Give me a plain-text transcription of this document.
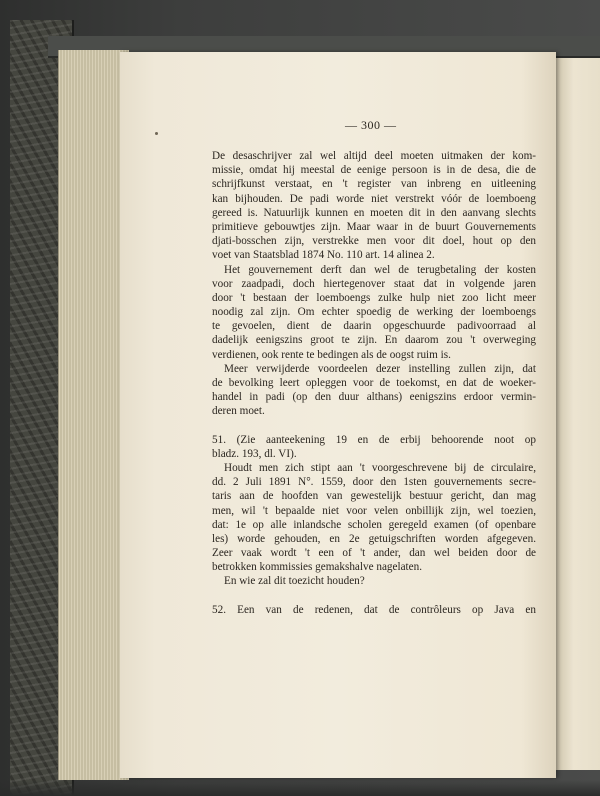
— 300 —
De desaschrijver zal wel altijd deel moeten uitmaken der kom-
missie, omdat hij meestal de eenige persoon is in de desa, die de
schrijfkunst verstaat, en 't register van inbreng en uitleening
kan bijhouden. De padi worde niet verstrekt vóór de loemboeng
gereed is. Natuurlijk kunnen en moeten dit in den aanvang slechts
primitieve gebouwtjes zijn. Maar waar in de buurt Gouvernements
djati-bosschen zijn, verstrekke men voor dit doel, hout op den
voet van Staatsblad 1874 No. 110 art. 14 alinea 2.
Het gouvernement derft dan wel de terugbetaling der kosten
voor zaadpadi, doch hiertegenover staat dat in volgende jaren
door 't bestaan der loemboengs zulke hulp niet zoo licht meer
noodig zal zijn. Om echter spoedig de werking der loemboengs
te gevoelen, dient de daarin opgeschuurde padivoorraad al
dadelijk eenigszins groot te zijn. En daarom zou 't overweging
verdienen, ook rente te bedingen als de oogst ruim is.
Meer verwijderde voordeelen dezer instelling zullen zijn, dat
de bevolking leert opleggen voor de toekomst, en dat de woeker-
handel in padi (op den duur althans) eenigszins erdoor vermin-
deren moet.
51. (Zie aanteekening 19 en de erbij behoorende noot op
bladz. 193, dl. VI).
Houdt men zich stipt aan 't voorgeschrevene bij de circulaire,
dd. 2 Juli 1891 N°. 1559, door den 1sten gouvernements secre-
taris aan de hoofden van gewestelijk bestuur gericht, dan mag
men, wil 't bepaalde niet voor velen onbillijk zijn, wel toezien,
dat: 1e op alle inlandsche scholen geregeld examen (of openbare
les) worde gehouden, en 2e getuigschriften worden afgegeven.
Zeer vaak wordt 't een of 't ander, dan wel beiden door de
betrokken kommissies gemakshalve nagelaten.
En wie zal dit toezicht houden?
52. Een van de redenen, dat de contrôleurs op Java en
